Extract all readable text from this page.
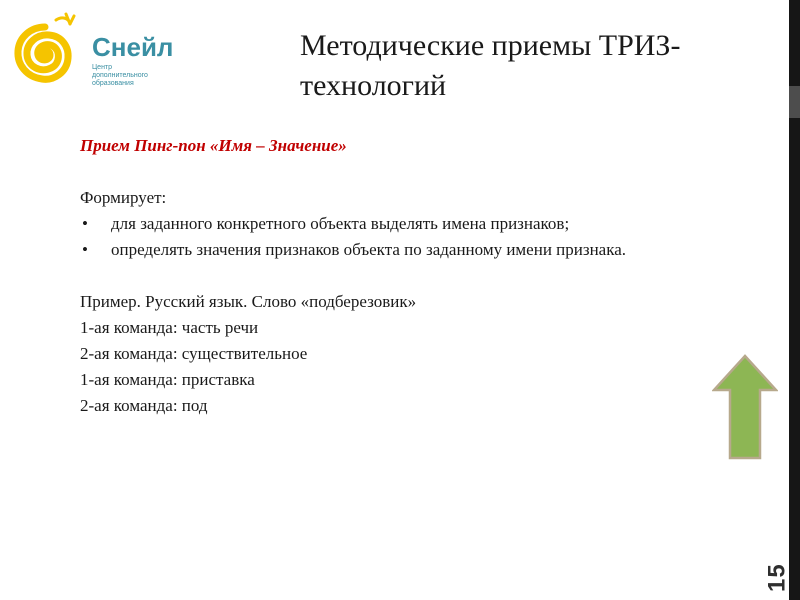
Снейл
Центр дополнительного образования
Методические приемы ТРИЗ-технологий

Прием Пинг-пон «Имя – Значение»

Формирует:

• для заданного конкретного объекта выделять имена признаков;
• определять значения признаков объекта по заданному имени признака.

Пример. Русский язык. Слово «подберезовик»

1-ая команда: часть речи

2-ая команда: существительное

1-ая команда: приставка

2-ая команда: под

15
